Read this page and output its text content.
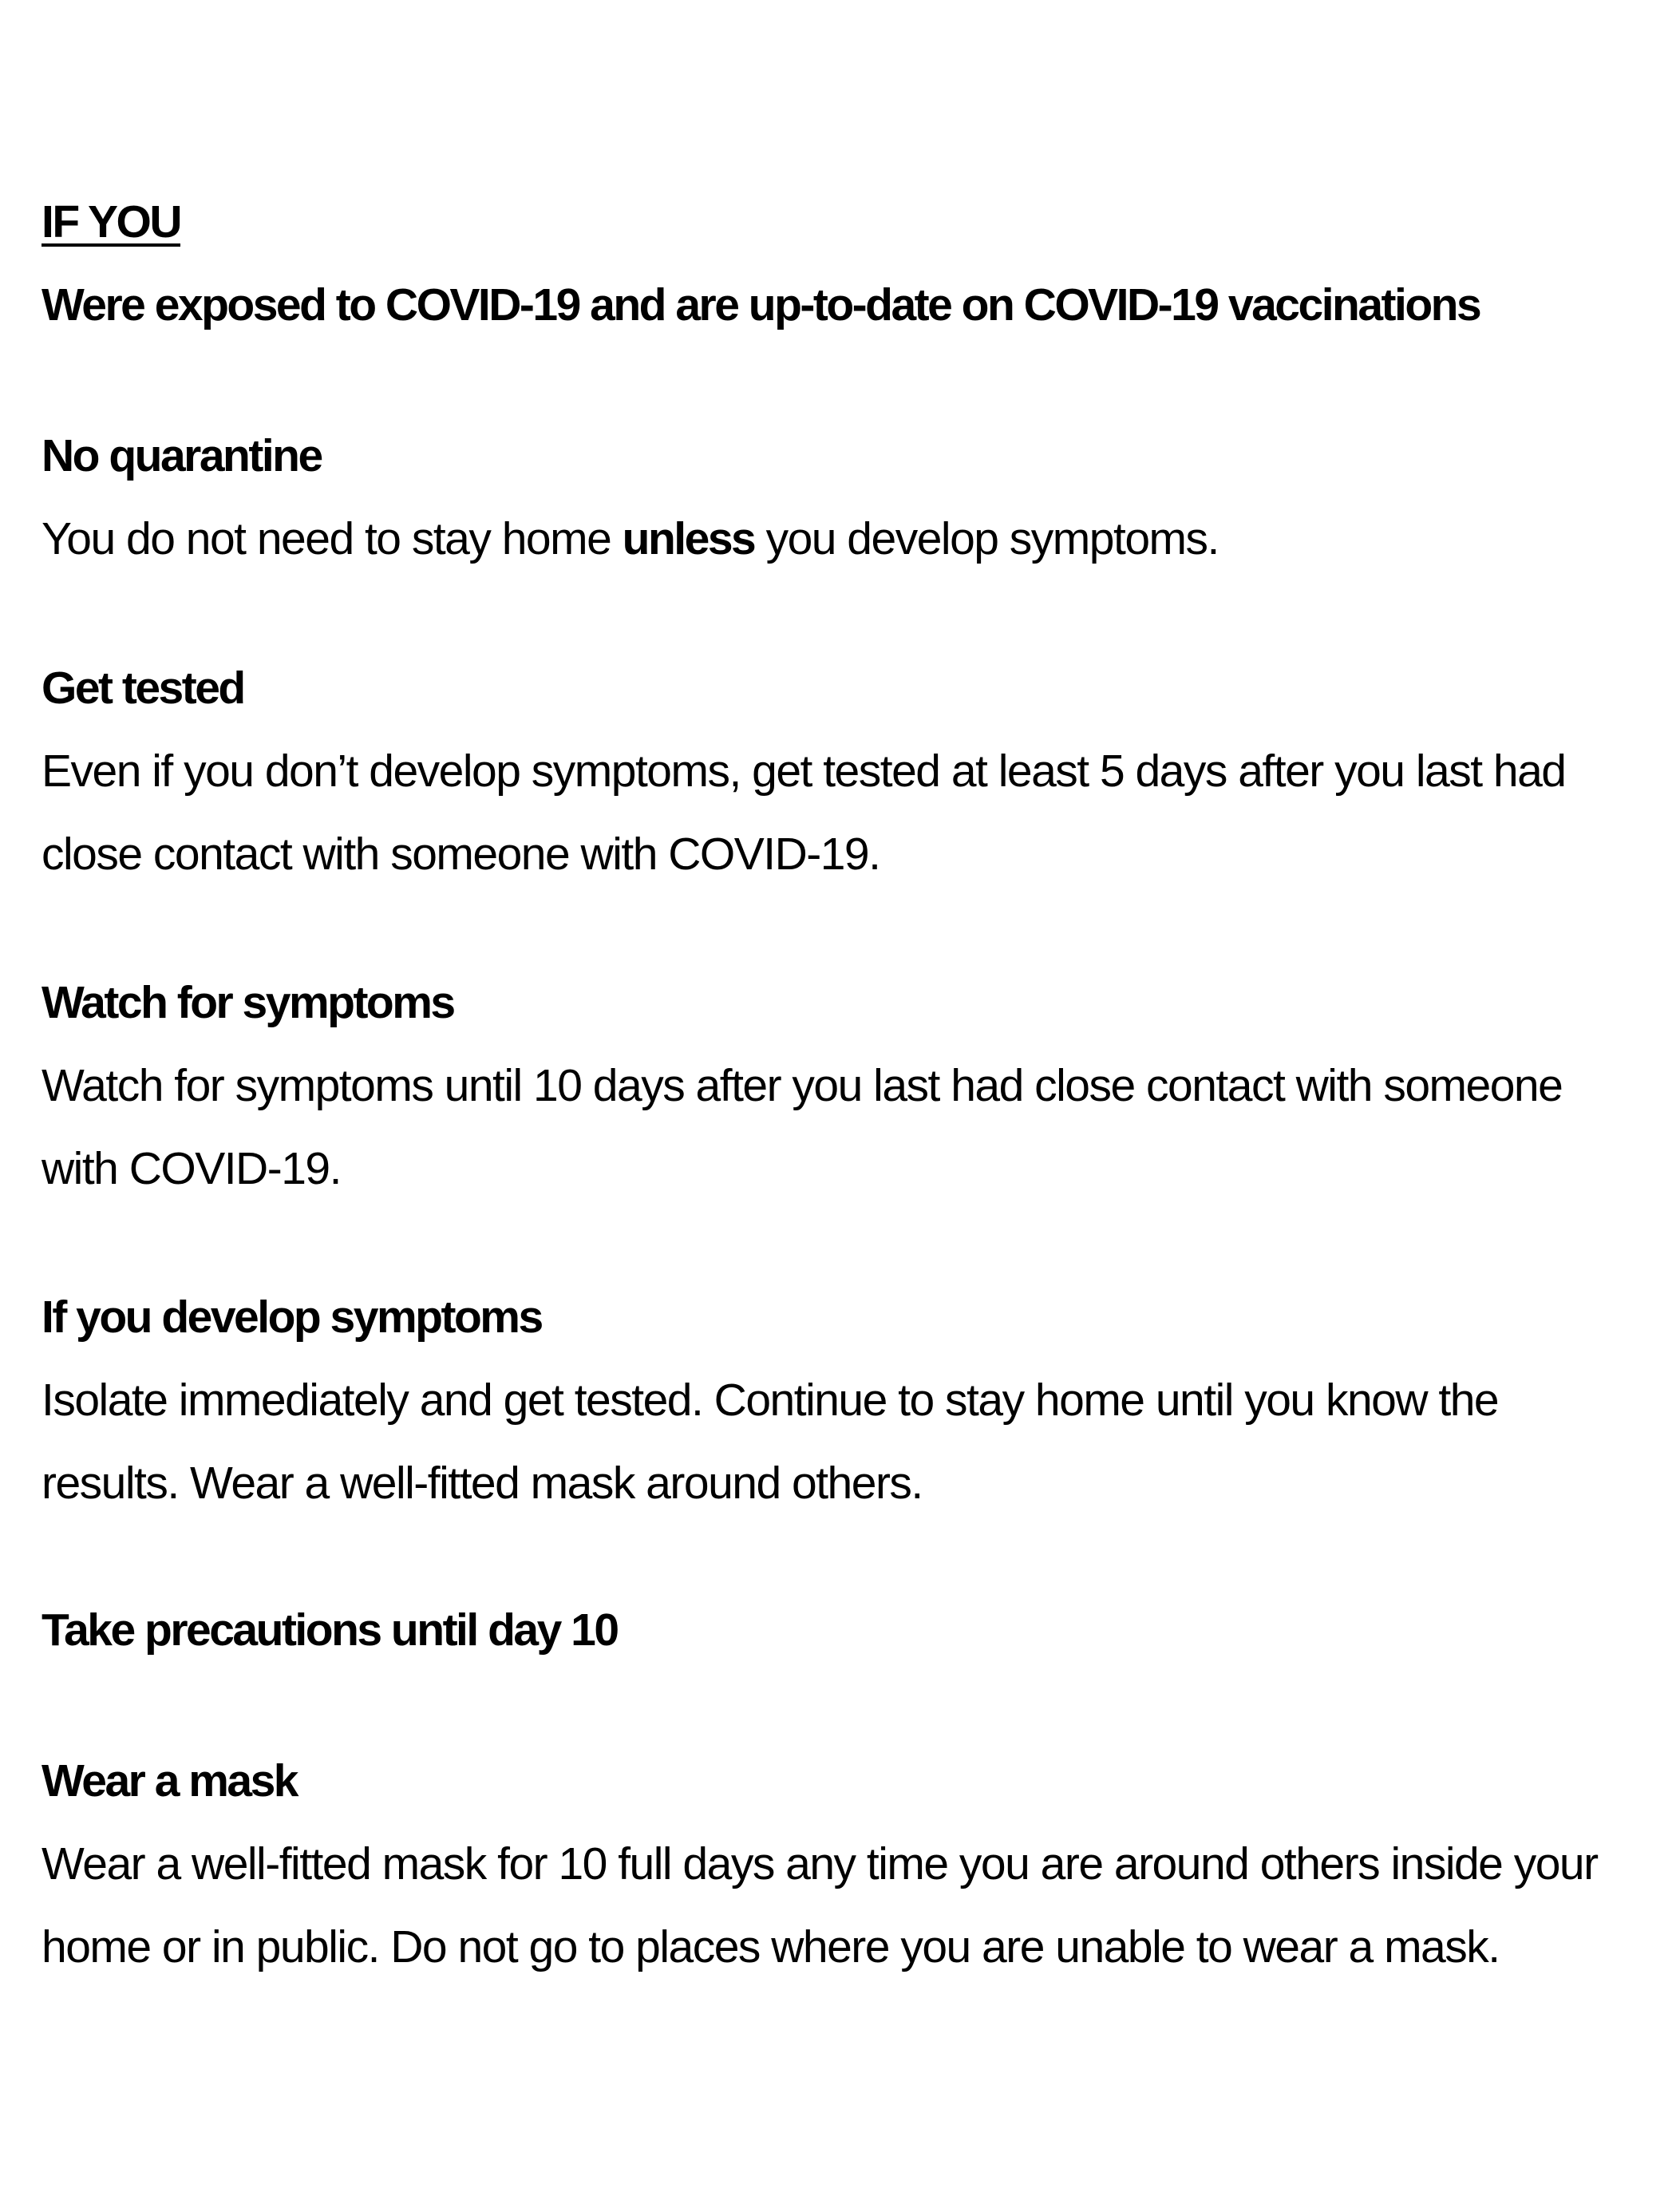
IF YOU

Were exposed to COVID-19 and are up-to-date on COVID-19 vaccinations

No quarantine

You do not need to stay home unless you develop symptoms.

Get tested

Even if you don’t develop symptoms, get tested at least 5 days after you last had close contact with someone with COVID-19.

Watch for symptoms

Watch for symptoms until 10 days after you last had close contact with someone with COVID-19.

If you develop symptoms

Isolate immediately and get tested. Continue to stay home until you know the results. Wear a well-fitted mask around others.

Take precautions until day 10

Wear a mask

Wear a well-fitted mask for 10 full days any time you are around others inside your home or in public. Do not go to places where you are unable to wear a mask.
